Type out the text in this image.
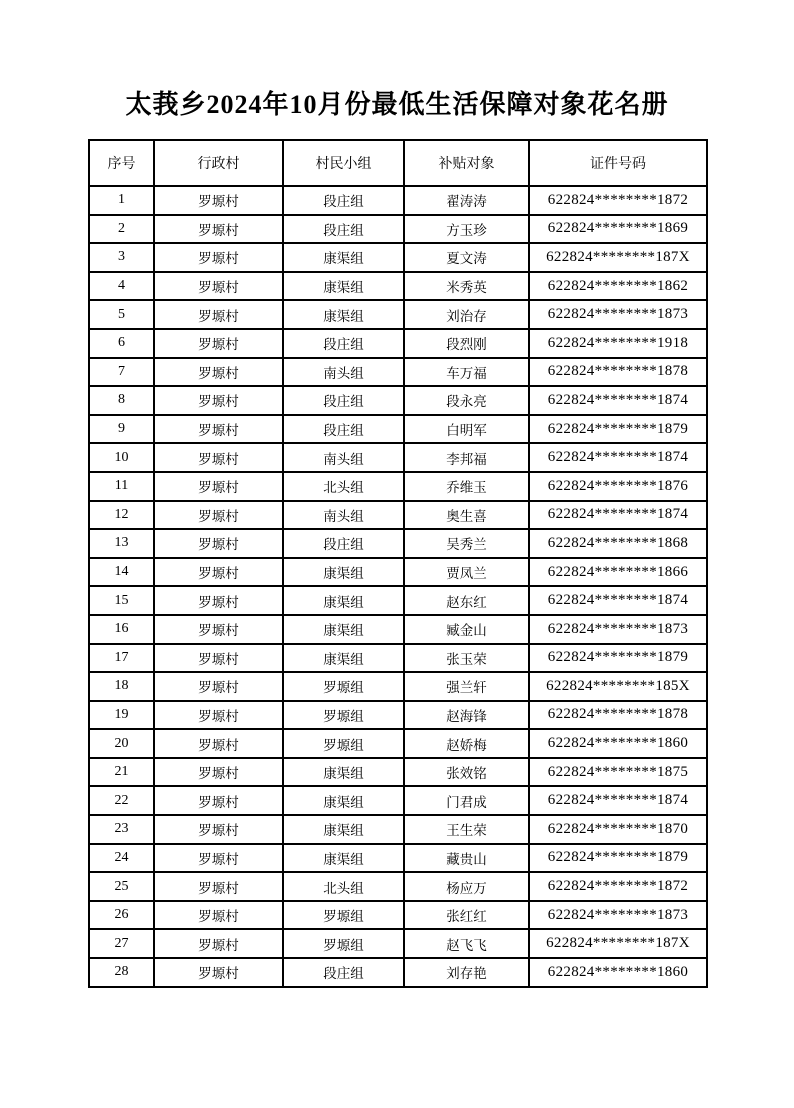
太莪乡2024年10月份最低生活保障对象花名册
序号	行政村	村民小组	补贴对象	证件号码
1	罗塬村	段庄组	翟涛涛	622824********1872
2	罗塬村	段庄组	方玉珍	622824********1869
3	罗塬村	康渠组	夏文涛	622824********187X
4	罗塬村	康渠组	米秀英	622824********1862
5	罗塬村	康渠组	刘治存	622824********1873
6	罗塬村	段庄组	段烈刚	622824********1918
7	罗塬村	南头组	车万福	622824********1878
8	罗塬村	段庄组	段永亮	622824********1874
9	罗塬村	段庄组	白明军	622824********1879
10	罗塬村	南头组	李邦福	622824********1874
11	罗塬村	北头组	乔维玉	622824********1876
12	罗塬村	南头组	奥生喜	622824********1874
13	罗塬村	段庄组	吴秀兰	622824********1868
14	罗塬村	康渠组	贾凤兰	622824********1866
15	罗塬村	康渠组	赵东红	622824********1874
16	罗塬村	康渠组	臧金山	622824********1873
17	罗塬村	康渠组	张玉荣	622824********1879
18	罗塬村	罗塬组	强兰轩	622824********185X
19	罗塬村	罗塬组	赵海锋	622824********1878
20	罗塬村	罗塬组	赵娇梅	622824********1860
21	罗塬村	康渠组	张效铭	622824********1875
22	罗塬村	康渠组	门君成	622824********1874
23	罗塬村	康渠组	王生荣	622824********1870
24	罗塬村	康渠组	藏贵山	622824********1879
25	罗塬村	北头组	杨应万	622824********1872
26	罗塬村	罗塬组	张红红	622824********1873
27	罗塬村	罗塬组	赵飞飞	622824********187X
28	罗塬村	段庄组	刘存艳	622824********1860
